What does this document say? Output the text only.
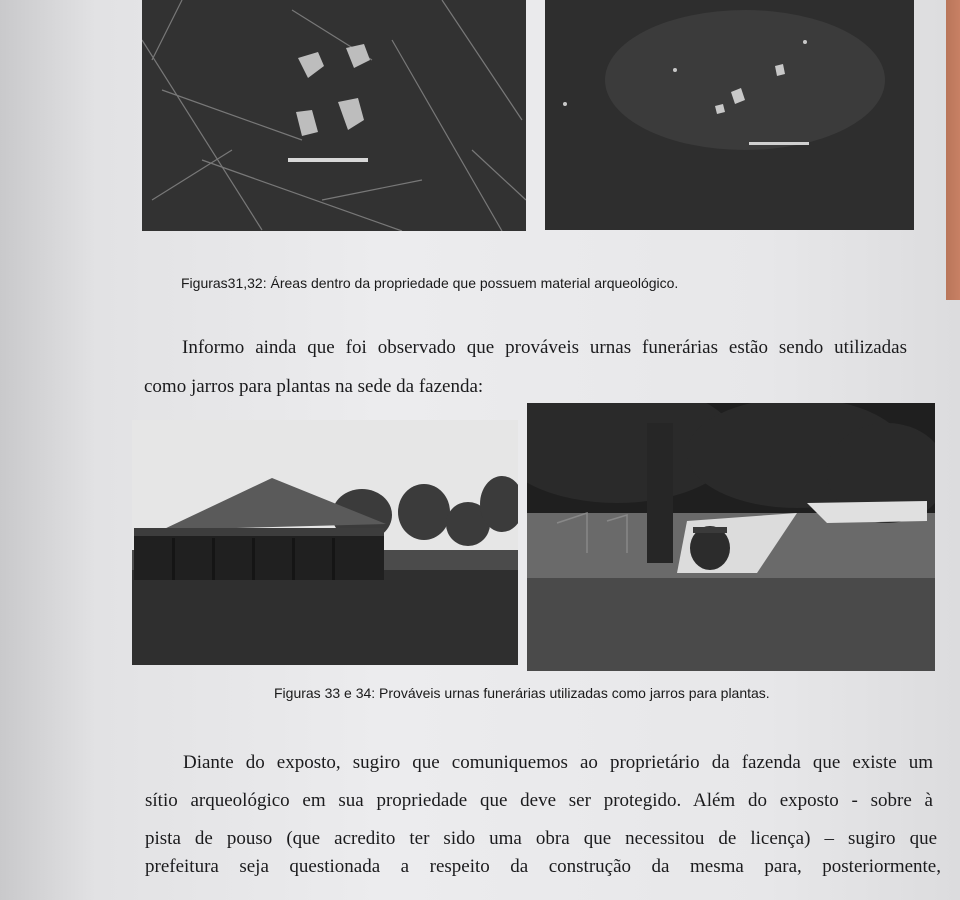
Figuras31,32: Áreas dentro da propriedade que possuem material arqueológico.
Informo ainda que foi observado que prováveis urnas funerárias estão sendo utilizadas
como jarros para plantas na sede da fazenda:
Figuras 33 e 34: Prováveis urnas funerárias utilizadas como jarros para plantas.
Diante do exposto, sugiro que comuniquemos ao proprietário da fazenda que existe um
sítio arqueológico em sua propriedade que deve ser protegido. Além do exposto - sobre à
pista de pouso (que acredito ter sido uma obra que necessitou de licença) – sugiro que
prefeitura seja questionada a respeito da construção da mesma para, posteriormente,
